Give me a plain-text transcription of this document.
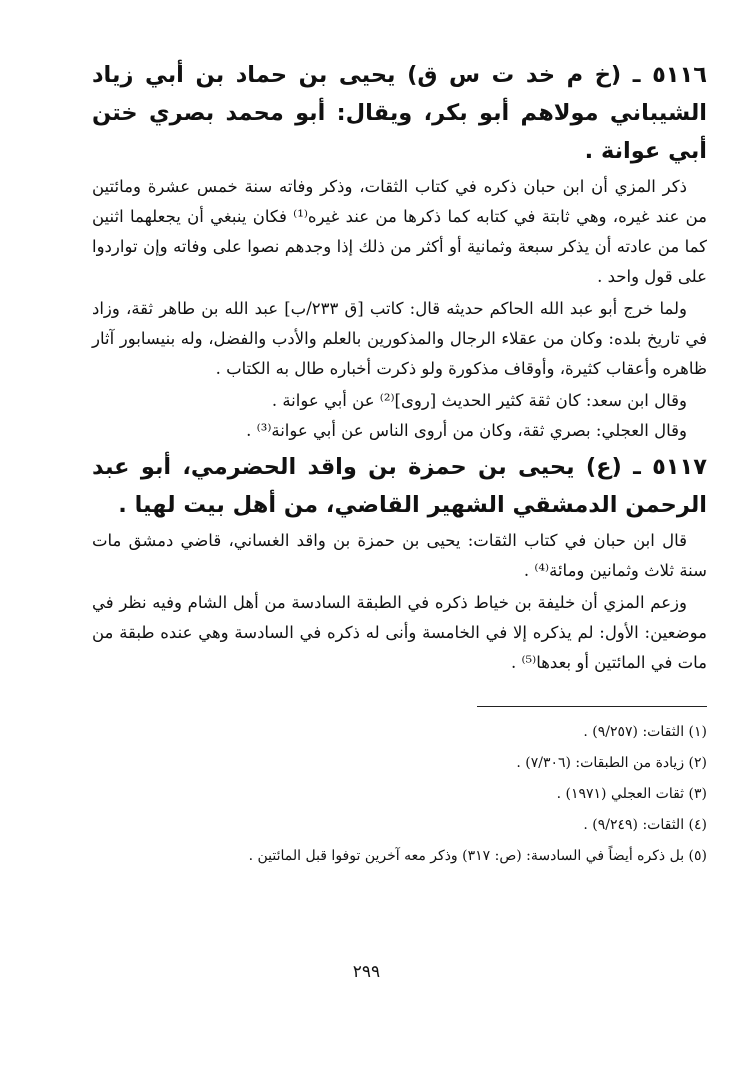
٥١١٦ ـ (خ م خد ت س ق) يحيى بن حماد بن أبي زياد الشيباني مولاهم أبو بكر، ويقال: أبو محمد بصري ختن أبي عوانة .

ذكر المزي أن ابن حبان ذكره في كتاب الثقات، وذكر وفاته سنة خمس عشرة ومائتين من عند غيره، وهي ثابتة في كتابه كما ذكرها من عند غيره⁽¹⁾ فكان ينبغي أن يجعلهما اثنين كما من عادته أن يذكر سبعة وثمانية أو أكثر من ذلك إذا وجدهم نصوا على وفاته وإن تواردوا على قول واحد .

ولما خرج أبو عبد الله الحاكم حديثه قال: كاتب [ق ٢٣٣/ب] عبد الله بن طاهر ثقة، وزاد في تاريخ بلده: وكان من عقلاء الرجال والمذكورين بالعلم والأدب والفضل، وله بنيسابور آثار ظاهره وأعقاب كثيرة، وأوقاف مذكورة ولو ذكرت أخباره طال به الكتاب .

وقال ابن سعد: كان ثقة كثير الحديث [روى]⁽²⁾ عن أبي عوانة .

وقال العجلي: بصري ثقة، وكان من أروى الناس عن أبي عوانة⁽³⁾ .

٥١١٧ ـ (ع) يحيى بن حمزة بن واقد الحضرمي، أبو عبد الرحمن الدمشقي الشهير القاضي، من أهل بيت لهيا .

قال ابن حبان في كتاب الثقات: يحيى بن حمزة بن واقد الغساني، قاضي دمشق مات سنة ثلاث وثمانين ومائة⁽⁴⁾ .

وزعم المزي أن خليفة بن خياط ذكره في الطبقة السادسة من أهل الشام وفيه نظر في موضعين: الأول: لم يذكره إلا في الخامسة وأنى له ذكره في السادسة وهي عنده طبقة من مات في المائتين أو بعدها⁽⁵⁾ .

(١) الثقات: (٩/٢٥٧) .
(٢) زيادة من الطبقات: (٧/٣٠٦) .
(٣) ثقات العجلي (١٩٧١) .
(٤) الثقات: (٩/٢٤٩) .
(٥) بل ذكره أيضاً في السادسة: (ص: ٣١٧) وذكر معه آخرين توفوا قبل المائتين .
٢٩٩
